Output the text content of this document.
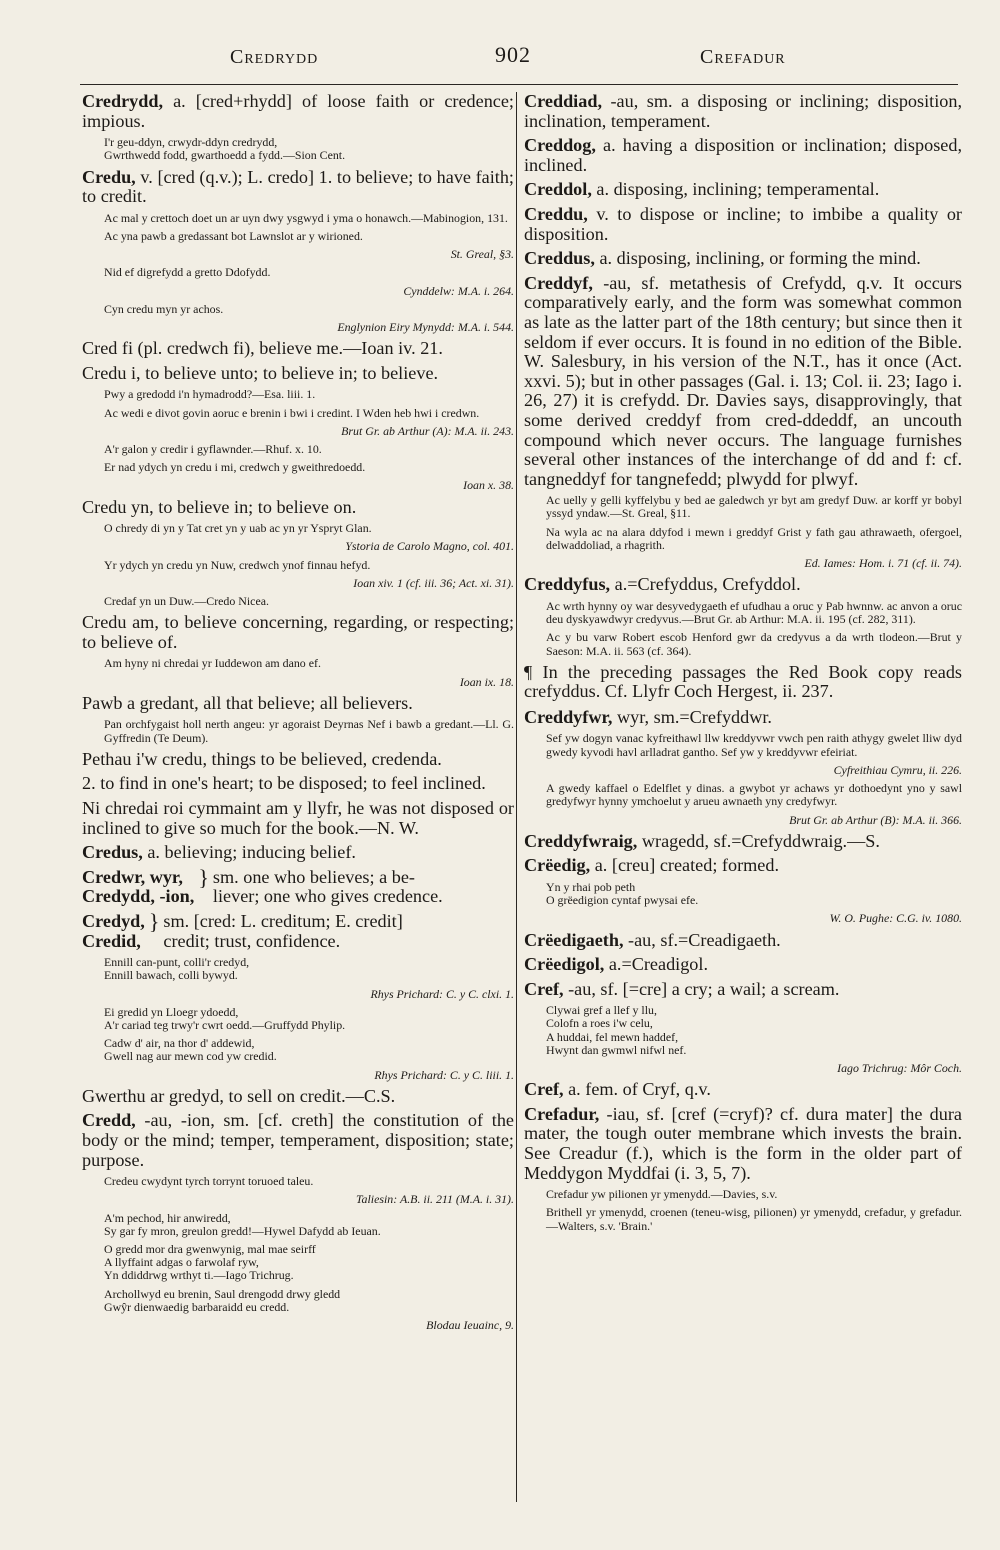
Credrydd	902	Crefadur
Credrydd, a. [cred+rhydd] of loose faith or credence; impious.
I'r geu-ddyn, crwydr-ddyn credrydd,
Gwrthwedd fodd, gwarthoedd a fydd.—Sion Cent.
Credu, v. [cred (q.v.); L. credo] 1. to believe; to have faith; to credit.
Ac mal y crettoch doet un ar uyn dwy ysgwyd i yma o honawch.—Mabinogion, 131.
Ac yna pawb a gredassant bot Lawnslot ar y wirioned.
St. Greal, §3.
Nid ef digrefydd a gretto Ddofydd.
Cynddelw: M.A. i. 264.
Cyn credu myn yr achos.
Englynion Eiry Mynydd: M.A. i. 544.
Cred fi (pl. credwch fi), believe me.—Ioan iv. 21.
Credu i, to believe unto; to believe in; to believe.
Pwy a gredodd i'n hymadrodd?—Esa. liii. 1.
Ac wedi e divot govin aoruc e brenin i bwi i credint. I Wden heb hwi i credwn.
Brut Gr. ab Arthur (A): M.A. ii. 243.
A'r galon y credir i gyflawnder.—Rhuf. x. 10.
Er nad ydych yn credu i mi, credwch y gweithredoedd.
Ioan x. 38.
Credu yn, to believe in; to believe on.
O chredy di yn y Tat cret yn y uab ac yn yr Yspryt Glan.
Ystoria de Carolo Magno, col. 401.
Yr ydych yn credu yn Nuw, credwch ynof finnau hefyd.
Ioan xiv. 1 (cf. iii. 36; Act. xi. 31).
Credaf yn un Duw.—Credo Nicea.
Credu am, to believe concerning, regarding, or respecting; to believe of.
Am hyny ni chredai yr Iuddewon am dano ef.
Ioan ix. 18.
Pawb a gredant, all that believe; all believers.
Pan orchfygaist holl nerth angeu: yr agoraist Deyrnas Nef i bawb a gredant.—Ll. G. Gyffredin (Te Deum).
Pethau i'w credu, things to be believed, credenda.
2. to find in one's heart; to be disposed; to feel inclined.
Ni chredai roi cymmaint am y llyfr, he was not disposed or inclined to give so much for the book.—N. W.
Credus, a. believing; inducing belief.
Credwr, wyr,
Credydd, -ion,
} sm. one who believes; a be-
liever; one who gives credence.
Credyd,
Credid,
} sm. [cred: L. creditum; E. credit]
credit; trust, confidence.
Ennill can-punt, colli'r credyd,
Ennill bawach, colli bywyd.
Rhys Prichard: C. y C. clxi. 1.
Ei gredid yn Lloegr ydoedd,
A'r cariad teg trwy'r cwrt oedd.—Gruffydd Phylip.
Cadw d' air, na thor d' addewid,
Gwell nag aur mewn cod yw credid.
Rhys Prichard: C. y C. liii. 1.
Gwerthu ar gredyd, to sell on credit.—C.S.
Credd, -au, -ion, sm. [cf. creth] the constitution of the body or the mind; temper, temperament, disposition; state; purpose.
Credeu cwydynt tyrch torrynt toruoed taleu.
Taliesin: A.B. ii. 211 (M.A. i. 31).
A'm pechod, hir anwiredd,
Sy gar fy mron, greulon gredd!—Hywel Dafydd ab Ieuan.
O gredd mor dra gwenwynig, mal mae seirff
A llyffaint adgas o farwolaf ryw,
Yn ddiddrwg wrthyt ti.—Iago Trichrug.
Archollwyd eu brenin, Saul drengodd drwy gledd
Gwŷr dienwaedig barbaraidd eu credd.
Blodau Ieuainc, 9.
Creddiad, -au, sm. a disposing or inclining; disposition, inclination, temperament.
Creddog, a. having a disposition or inclination; disposed, inclined.
Creddol, a. disposing, inclining; temperamental.
Creddu, v. to dispose or incline; to imbibe a quality or disposition.
Creddus, a. disposing, inclining, or forming the mind.
Creddyf, -au, sf. metathesis of Crefydd, q.v. It occurs comparatively early, and the form was somewhat common as late as the latter part of the 18th century; but since then it seldom if ever occurs. It is found in no edition of the Bible. W. Salesbury, in his version of the N.T., has it once (Act. xxvi. 5); but in other passages (Gal. i. 13; Col. ii. 23; Iago i. 26, 27) it is crefydd. Dr. Davies says, disapprovingly, that some derived creddyf from cred-ddeddf, an uncouth compound which never occurs. The language furnishes several other instances of the interchange of dd and f: cf. tangneddyf for tangnefedd; plwydd for plwyf.
Ac uelly y gelli kyffelybu y bed ae galedwch yr byt am gredyf Duw. ar korff yr bobyl yssyd yndaw.—St. Greal, §11.
Na wyla ac na alara ddyfod i mewn i greddyf Grist y fath gau athrawaeth, ofergoel, delwaddoliad, a rhagrith.
Ed. Iames: Hom. i. 71 (cf. ii. 74).
Creddyfus, a.=Crefyddus, Crefyddol.
Ac wrth hynny oy war desyvedygaeth ef ufudhau a oruc y Pab hwnnw. ac anvon a oruc deu dyskyawdwyr credyvus.—Brut Gr. ab Arthur: M.A. ii. 195 (cf. 282, 311).
Ac y bu varw Robert escob Henford gwr da credyvus a da wrth tlodeon.—Brut y Saeson: M.A. ii. 563 (cf. 364).
¶ In the preceding passages the Red Book copy reads crefyddus. Cf. Llyfr Coch Hergest, ii. 237.
Creddyfwr, wyr, sm.=Crefyddwr.
Sef yw dogyn vanac kyfreithawl llw kreddyvwr vwch pen raith athygy gwelet lliw dyd gwedy kyvodi havl arlladrat gantho. Sef yw y kreddyvwr efeiriat.
Cyfreithiau Cymru, ii. 226.
A gwedy kaffael o Edelflet y dinas. a gwybot yr achaws yr dothoedynt yno y sawl gredyfwyr hynny ymchoelut y arueu awnaeth yny credyfwyr.
Brut Gr. ab Arthur (B): M.A. ii. 366.
Creddyfwraig, wragedd, sf.=Crefyddwraig.—S.
Crëedig, a. [creu] created; formed.
Yn y rhai pob peth
O grëedigion cyntaf pwysai efe.
W. O. Pughe: C.G. iv. 1080.
Crëedigaeth, -au, sf.=Creadigaeth.
Crëedigol, a.=Creadigol.
Cref, -au, sf. [=cre] a cry; a wail; a scream.
Clywai gref a llef y llu,
Colofn a roes i'w celu,
A huddai, fel mewn haddef,
Hwynt dan gwmwl nifwl nef.
Iago Trichrug: Môr Coch.
Cref, a. fem. of Cryf, q.v.
Crefadur, -iau, sf. [cref (=cryf)? cf. dura mater] the dura mater, the tough outer membrane which invests the brain. See Creadur (f.), which is the form in the older part of Meddygon Myddfai (i. 3, 5, 7).
Crefadur yw pilionen yr ymenydd.—Davies, s.v.
Brithell yr ymenydd, croenen (teneu-wisg, pilionen) yr ymenydd, crefadur, y grefadur.—Walters, s.v. 'Brain.'
